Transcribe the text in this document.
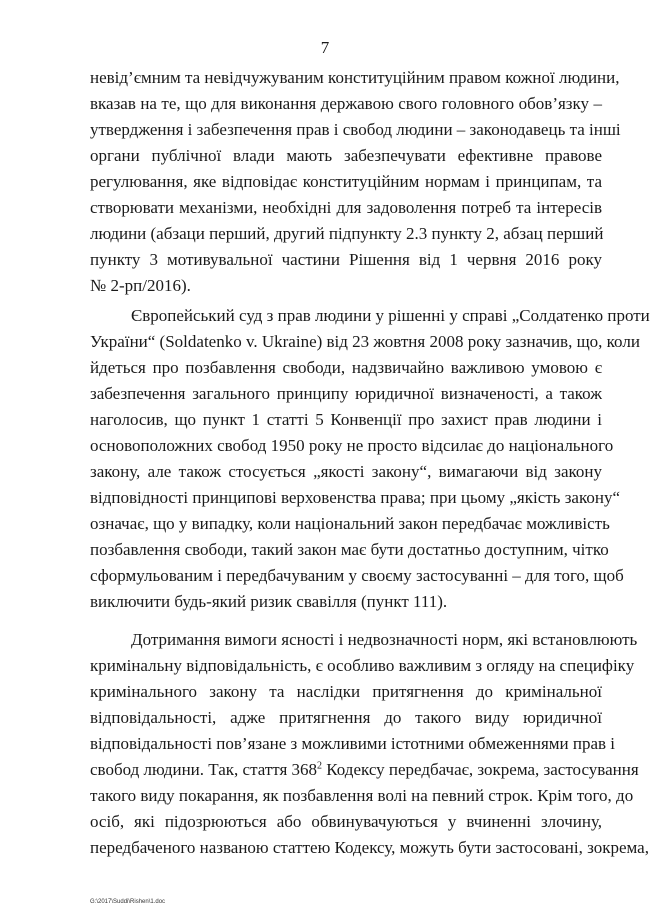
7
невід’ємним та невідчужуваним конституційним правом кожної людини,
вказав на те, що для виконання державою свого головного обов’язку –
утвердження і забезпечення прав і свобод людини – законодавець та інші
органи публічної влади мають забезпечувати ефективне правове
регулювання, яке відповідає конституційним нормам і принципам, та
створювати механізми, необхідні для задоволення потреб та інтересів
людини (абзаци перший, другий підпункту 2.3 пункту 2, абзац перший
пункту 3 мотивувальної частини Рішення від 1 червня 2016 року
№ 2-рп/2016).
Європейський суд з прав людини у рішенні у справі „Солдатенко проти
України“ (Soldatenko v. Ukraine) від 23 жовтня 2008 року зазначив, що, коли
йдеться про позбавлення свободи, надзвичайно важливою умовою є
забезпечення загального принципу юридичної визначеності, а також
наголосив, що пункт 1 статті 5 Конвенції про захист прав людини і
основоположних свобод 1950 року не просто відсилає до національного
закону, але також стосується „якості закону“, вимагаючи від закону
відповідності принципові верховенства права; при цьому „якість закону“
означає, що у випадку, коли національний закон передбачає можливість
позбавлення свободи, такий закон має бути достатньо доступним, чітко
сформульованим і передбачуваним у своєму застосуванні – для того, щоб
виключити будь-який ризик свавілля (пункт 111).
Дотримання вимоги ясності і недвозначності норм, які встановлюють
кримінальну відповідальність, є особливо важливим з огляду на специфіку
кримінального закону та наслідки притягнення до кримінальної
відповідальності, адже притягнення до такого виду юридичної
відповідальності пов’язане з можливими істотними обмеженнями прав і
свобод людини. Так, стаття $368^2$ Кодексу передбачає, зокрема, застосування
такого виду покарання, як позбавлення волі на певний строк. Крім того, до
осіб, які підозрюються або обвинувачуються у вчиненні злочину,
передбаченого названою статтею Кодексу, можуть бути застосовані, зокрема,
G:\2017\Suddi\Rishen\1.doc
